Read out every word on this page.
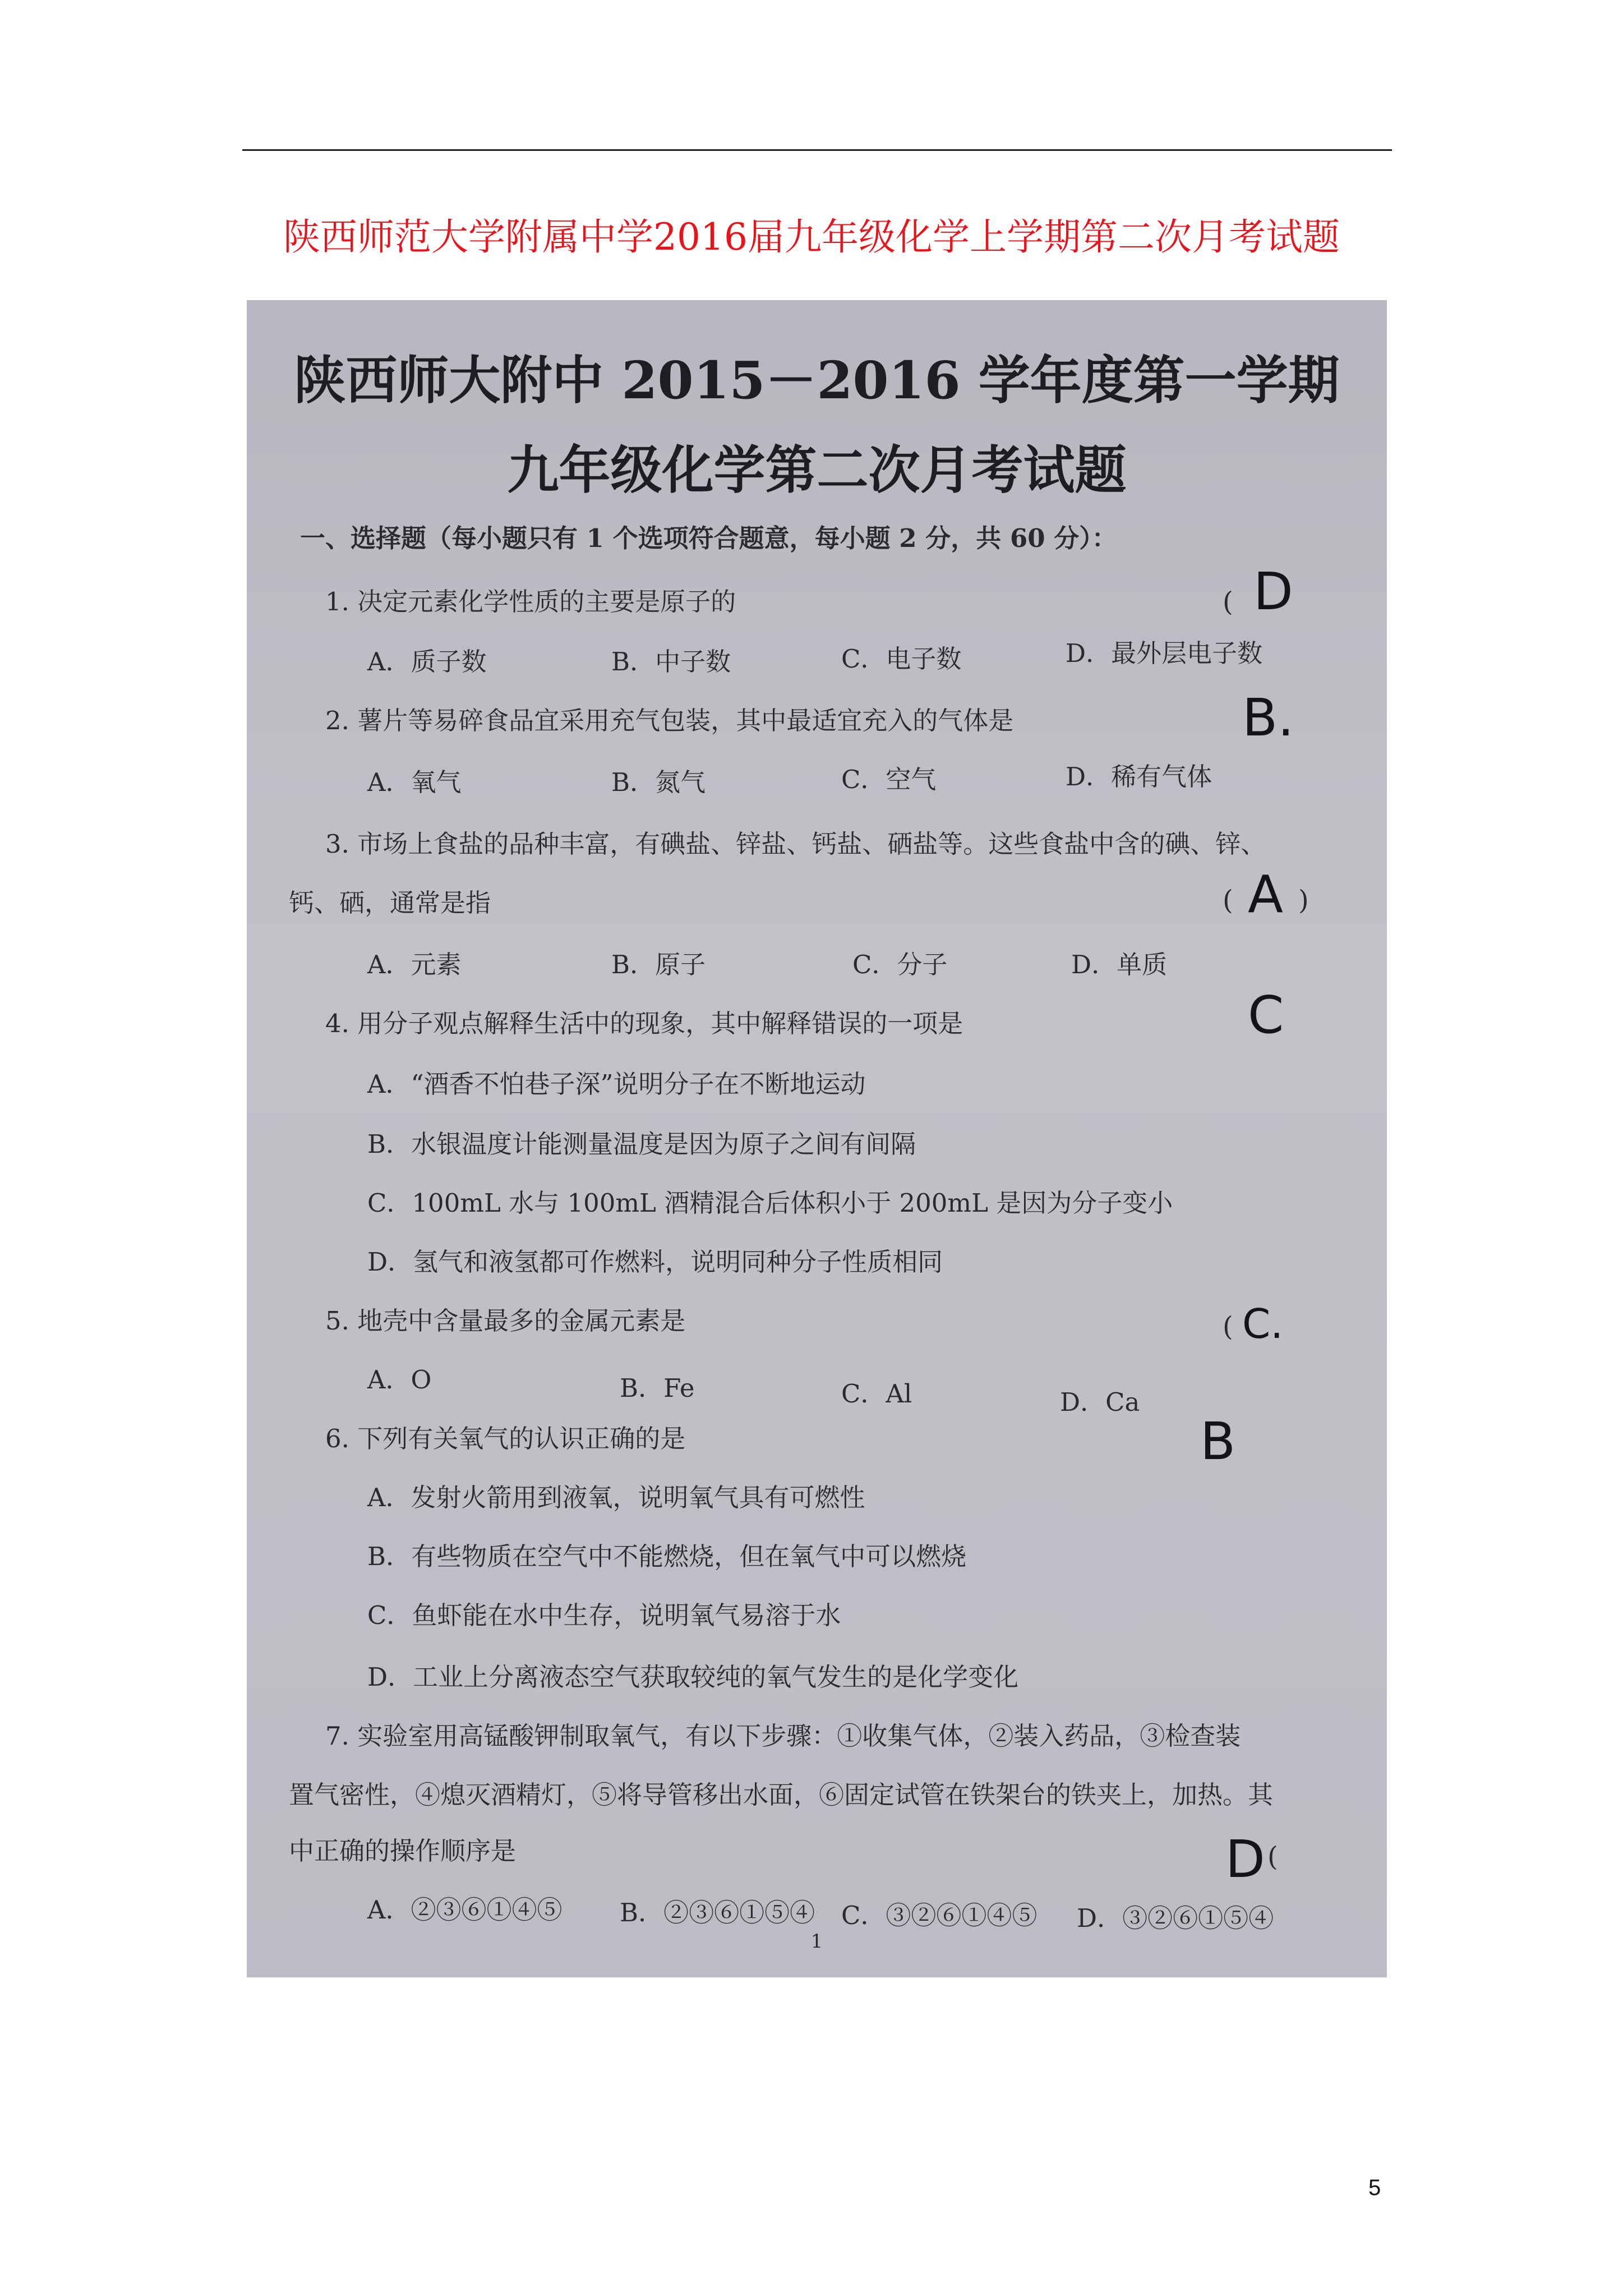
陕西师范大学附属中学2016届九年级化学上学期第二次月考试题
陕西师大附中 2015－2016 学年度第一学期
九年级化学第二次月考试题
一、选择题（每小题只有 1 个选项符合题意，每小题 2 分，共 60 分）：
1. 决定元素化学性质的主要是原子的	( D
A．质子数	B．中子数	C．电子数	D．最外层电子数
2. 薯片等易碎食品宜采用充气包装，其中最适宜充入的气体是	B.
A．氧气	B．氮气	C．空气	D．稀有气体
3. 市场上食盐的品种丰富，有碘盐、锌盐、钙盐、硒盐等。这些食盐中含的碘、锌、
钙、硒，通常是指	( A )
A．元素	B．原子	C．分子	D．单质
4. 用分子观点解释生活中的现象，其中解释错误的一项是	C
A．“酒香不怕巷子深”说明分子在不断地运动
B．水银温度计能测量温度是因为原子之间有间隔
C．100mL 水与 100mL 酒精混合后体积小于 200mL 是因为分子变小
D．氢气和液氢都可作燃料，说明同种分子性质相同
5. 地壳中含量最多的金属元素是	( C.
A．O	B．Fe	C．Al	D．Ca
6. 下列有关氧气的认识正确的是	B
A．发射火箭用到液氧，说明氧气具有可燃性
B．有些物质在空气中不能燃烧，但在氧气中可以燃烧
C．鱼虾能在水中生存，说明氧气易溶于水
D．工业上分离液态空气获取较纯的氧气发生的是化学变化
7. 实验室用高锰酸钾制取氧气，有以下步骤：①收集气体，②装入药品，③检查装
置气密性，④熄灭酒精灯，⑤将导管移出水面，⑥固定试管在铁架台的铁夹上，加热。其
中正确的操作顺序是	D (
A．②③⑥①④⑤ B．②③⑥①⑤④ C．③②⑥①④⑤ D．③②⑥①⑤④
1
5
